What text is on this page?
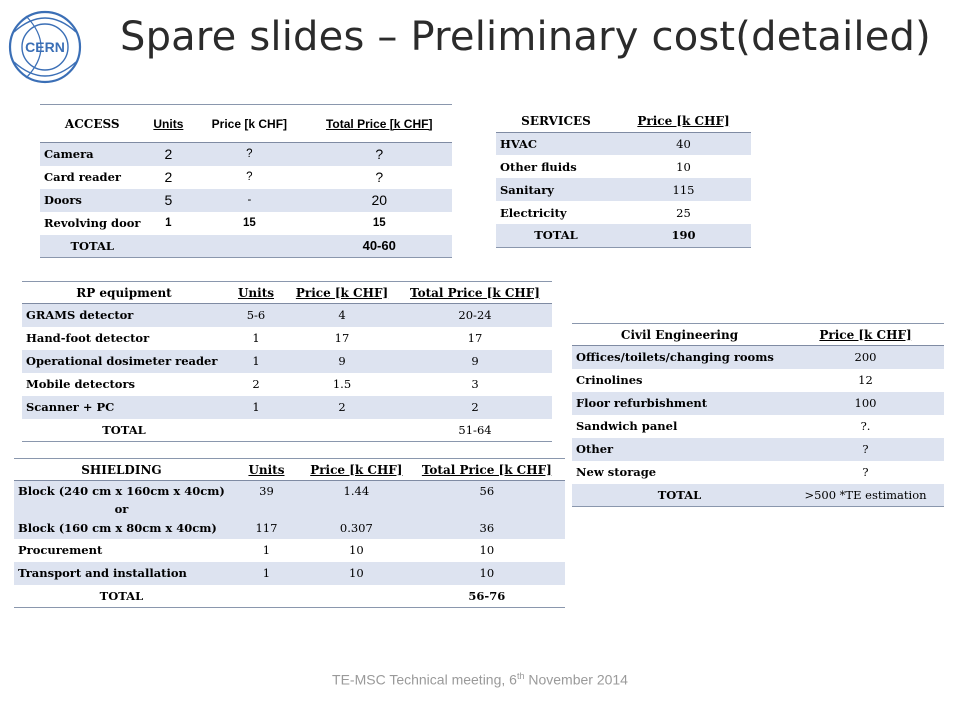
CERN Spare slides – Preliminary cost(detailed)
ACCESS	Units	Price [k CHF]	Total Price [k CHF]
Camera	2	?	?
Card reader	2	?	?
Doors	5	-	20
Revolving door	1	15	15
TOTAL			40-60
SERVICES	Price [k CHF]
HVAC	40
Other fluids	10
Sanitary	115
Electricity	25
TOTAL	190
RP equipment	Units	Price [k CHF]	Total Price [k CHF]
GRAMS detector	5-6	4	20-24
Hand-foot detector	1	17	17
Operational dosimeter reader	1	9	9
Mobile detectors	2	1.5	3
Scanner + PC	1	2	2
TOTAL			51-64
SHIELDING	Units	Price [k CHF]	Total Price [k CHF]
Block (240 cm x 160cm x 40cm)	39	1.44	56
or			
Block (160 cm x 80cm x 40cm)	117	0.307	36
Procurement	1	10	10
Transport and installation	1	10	10
TOTAL			56-76
Civil Engineering	Price [k CHF]
Offices/toilets/changing rooms	200
Crinolines	12
Floor refurbishment	100
Sandwich panel	?.
Other	?
New storage	?
TOTAL	>500 *TE estimation
TE-MSC Technical meeting, 6th November 2014
